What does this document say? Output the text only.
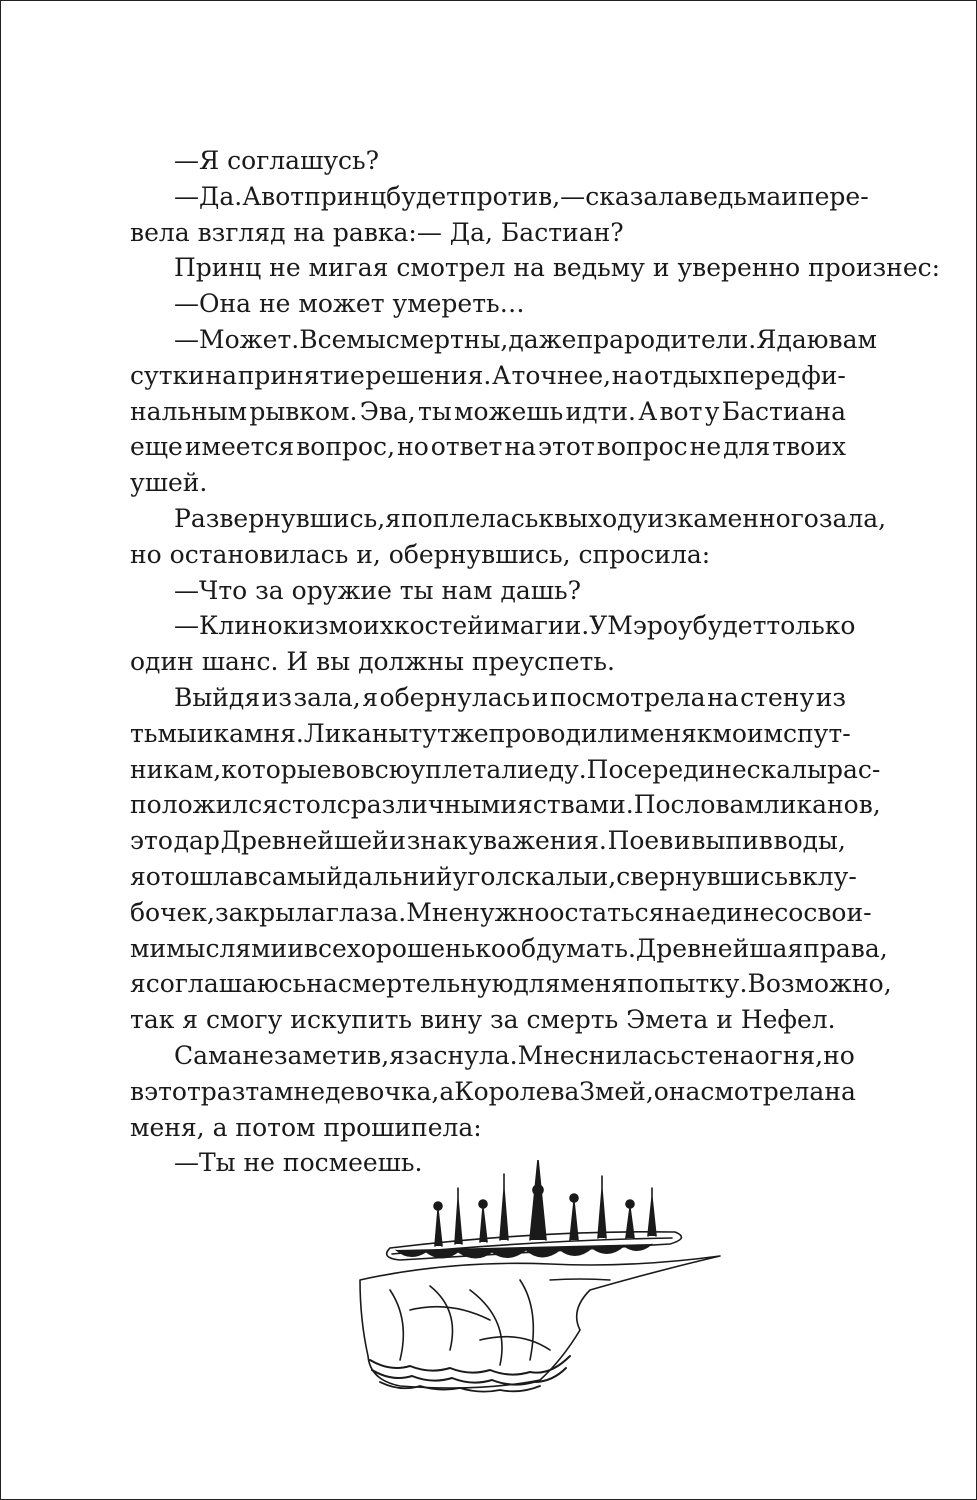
—Я соглашусь?
—Да. А вот принц будет против,— сказала ведьма и пере-
вела взгляд на равка:— Да, Бастиан?
Принц не мигая смотрел на ведьму и уверенно произнес:
—Она не может умереть…
—Может. Все мы смертны, даже прародители. Я даю вам
сутки на принятие решения. А точнее, на отдых перед фи-
нальным рывком. Эва, ты можешь идти. А вот у Бастиана
еще имеется вопрос, но ответ на этот вопрос не для твоих
ушей.
Развернувшись, я поплелась к выходу из каменного зала,
но остановилась и, обернувшись, спросила:
—Что за оружие ты нам дашь?
—Клинок из моих костей и магии. У Мэроу будет только
один шанс. И вы должны преуспеть.
Выйдя из зала, я обернулась и посмотрела на стену из
тьмы и камня. Ликаны тут же проводили меня к моим спут-
никам, которые вовсю уплетали еду. Посередине скалы рас-
положился стол с различными яствами. По словам ликанов,
это дар Древнейшей и знак уважения. Поев и выпив воды,
я отошла в самый дальний угол скалы и, свернувшись в клу-
бочек, закрыла глаза. Мне нужно остаться наедине со свои-
ми мыслями и все хорошенько обдумать. Древнейшая права,
я соглашаюсь на смертельную для меня попытку. Возможно,
так я смогу искупить вину за смерть Эмета и Нефел.
Сама не заметив, я заснула. Мне снилась стена огня, но
в этот раз там не девочка, а Королева Змей, она смотрела на
меня, а потом прошипела:
—Ты не посмеешь.
